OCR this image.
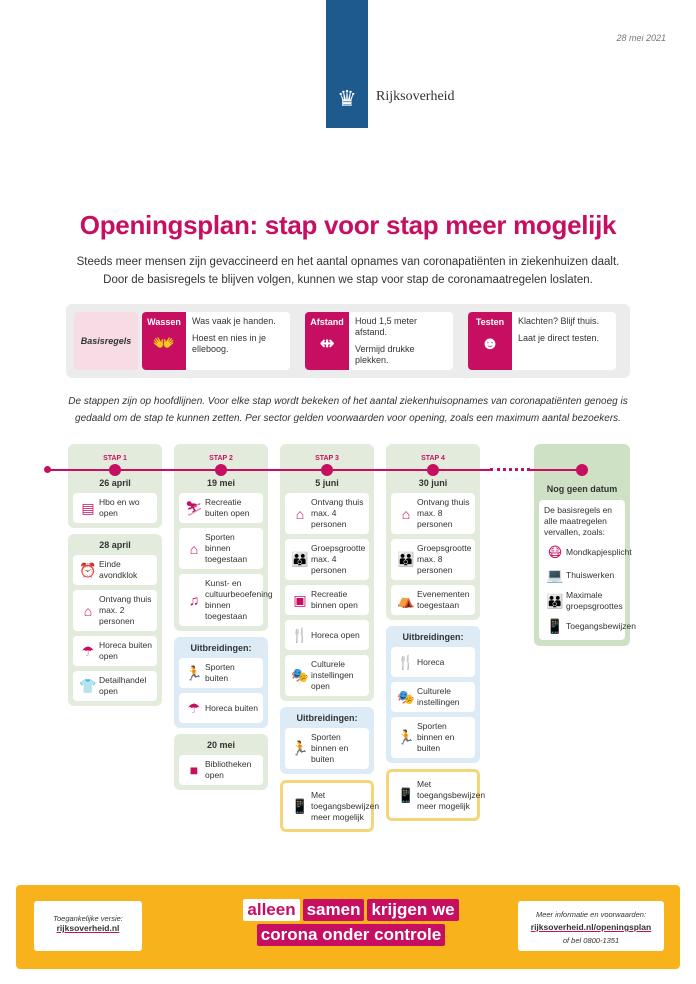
28 mei 2021
♛	Rijksoverheid
Openingsplan: stap voor stap meer mogelijk
Steeds meer mensen zijn gevaccineerd en het aantal opnames van coronapatiënten in ziekenhuizen daalt.
Door de basisregels te blijven volgen, kunnen we stap voor stap de coronamaatregelen loslaten.
Basisregels
Wassen
👐

Was vaak je handen.

Hoest en nies in je elleboog.

Afstand
⇹

Houd 1,5 meter afstand.

Vermijd drukke plekken.

Testen
☻

Klachten? Blijf thuis.

Laat je direct testen.

De stappen zijn op hoofdlijnen. Voor elke stap wordt bekeken of het aantal ziekenhuisopnames van coronapatiënten genoeg is
gedaald om de stap te kunnen zetten. Per sector gelden voorwaarden voor opening, zoals een maximum aantal bezoekers.
STAP 1
26 april
▤ Hbo en wo open
28 april
⏰ Einde avondklok
⌂
Ontvang thuis max. 2 personen
☂ Horeca buiten open
👕 Detailhandel open
STAP 2
19 mei
⛷ Recreatie buiten open
⌂
Sporten binnen toegestaan
♫
Kunst- en cultuurbeoefening binnen toegestaan
Uitbreidingen:
🏃 Sporten buiten
☂ Horeca buiten
20 mei
■ Bibliotheken open
STAP 3
5 juni
⌂
Ontvang thuis max. 4 personen
👪
Groepsgrootte max. 4 personen
▣ Recreatie binnen open
🍴 Horeca open
🎭
Culturele instellingen open
Uitbreidingen:
🏃
Sporten binnen en buiten
📱
Met toegangsbewijzen meer mogelijk
STAP 4
30 juni
⌂
Ontvang thuis max. 8 personen
👪
Groepsgrootte max. 8 personen
⛺ Evenementen toegestaan
Uitbreidingen:
🍴 Horeca
🎭 Culturele instellingen
🏃
Sporten binnen en buiten
📱
Met toegangsbewijzen meer mogelijk
Nog geen datum
De basisregels en alle maatregelen vervallen, zoals:
😷 Mondkapjesplicht
💻 Thuiswerken
👪 Maximale groepsgroottes
📱 Toegangsbewijzen
Toegankelijke versie:
rijksoverheid.nl
alleen samen krijgen we
corona onder controle
Meer informatie en voorwaarden:
rijksoverheid.nl/openingsplan
of bel 0800-1351
